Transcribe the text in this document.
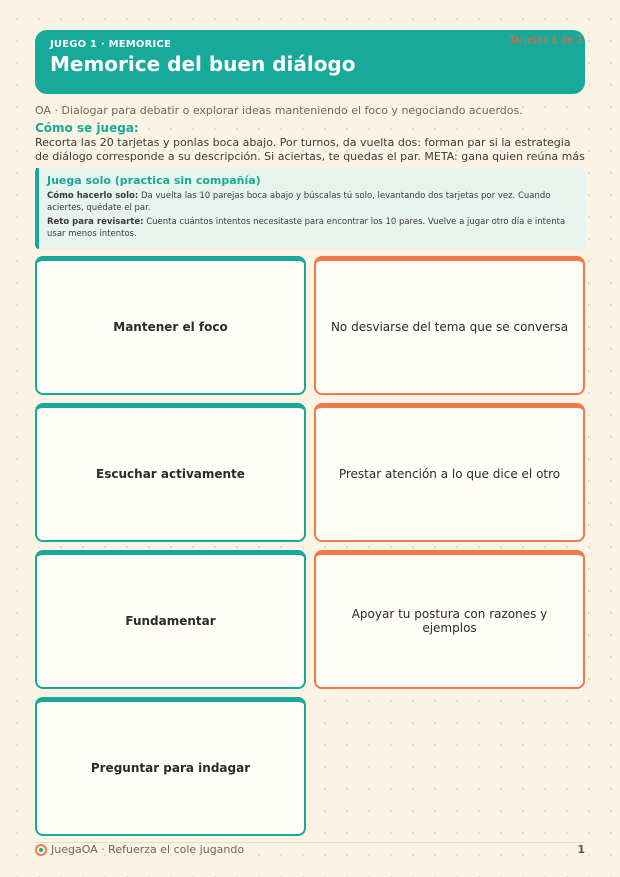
JUEGO 1 · MEMORICE
Memorice del buen diálogo
Tarjetas 1 de 3
OA · Dialogar para debatir o explorar ideas manteniendo el foco y negociando acuerdos.
Cómo se juega:
Recorta las 20 tarjetas y ponlas boca abajo. Por turnos, da vuelta dos: forman par si la estrategia de diálogo corresponde a su descripción. Si aciertas, te quedas el par. META: gana quien reúna más
Juega solo (practica sin compañía)
Cómo hacerlo solo: Da vuelta las 10 parejas boca abajo y búscalas tú solo, levantando dos tarjetas por vez. Cuando aciertes, quédate el par.
Reto para revisarte: Cuenta cuántos intentos necesitaste para encontrar los 10 pares. Vuelve a jugar otro día e intenta usar menos intentos.
Mantener el foco	No desviarse del tema que se conversa
Escuchar activamente	Prestar atención a lo que dice el otro
Fundamentar	Apoyar tu postura con razones y ejemplos
Preguntar para indagar
JuegaOA · Refuerza el cole jugando	1
